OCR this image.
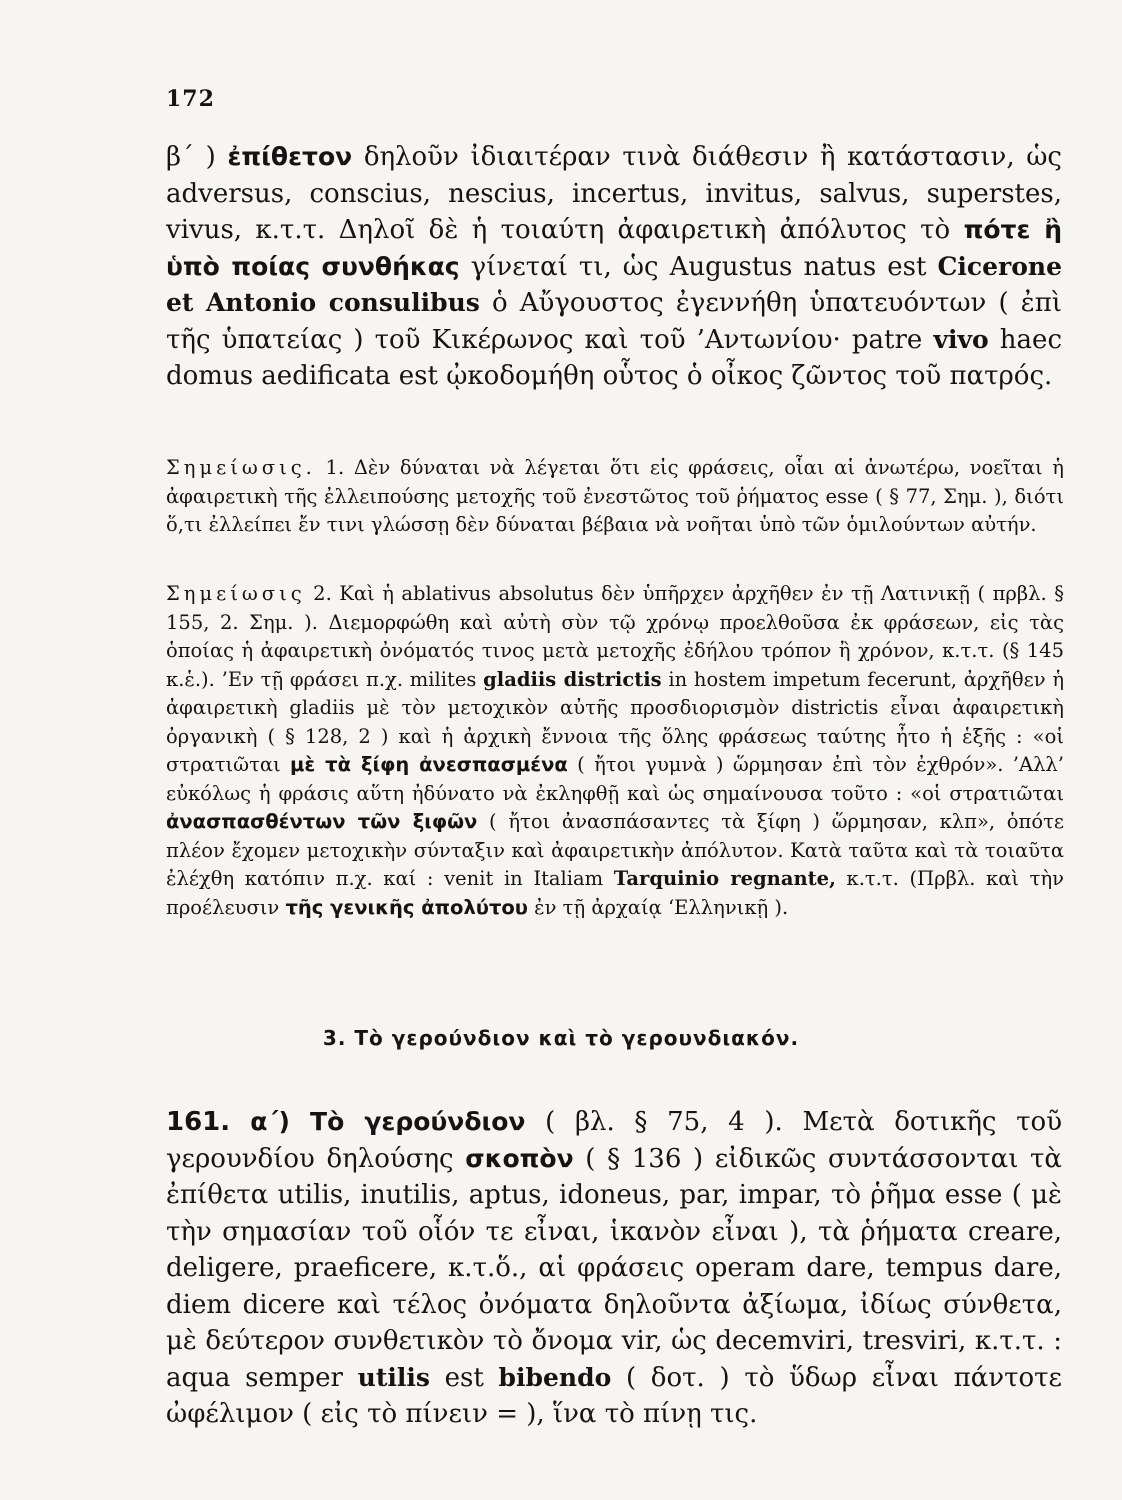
172
β΄ ) ἐπίθετον δηλοῦν ἰδιαιτέραν τινὰ διάθεσιν ἢ κατάστασιν, ὡς adversus, conscius, nescius, incertus, invitus, salvus, superstes, vivus, κ.τ.τ. Δηλοῖ δὲ ἡ τοιαύτη ἀφαιρετικὴ ἀπόλυτος τὸ πότε ἢ ὑπὸ ποίας συνθήκας γίνεταί τι, ὡς Augustus natus est Cicerone et Antonio consulibus ὁ Αὔγουστος ἐγεννήθη ὑπατευόντων ( ἐπὶ τῆς ὑπατείας ) τοῦ Κικέρωνος καὶ τοῦ ’Αντωνίου· patre vivo haec domus aedificata est ᾠκοδομήθη οὗτος ὁ οἶκος ζῶντος τοῦ πατρός.
Σημείωσις. 1. Δὲν δύναται νὰ λέγεται ὅτι εἰς φράσεις, οἷαι αἱ ἀνωτέρω, νοεῖται ἡ ἀφαιρετικὴ τῆς ἐλλειπούσης μετοχῆς τοῦ ἐνεστῶτος τοῦ ῥήματος esse ( § 77, Σημ. ), διότι ὅ,τι ἐλλείπει ἔν τινι γλώσσῃ δὲν δύναται βέβαια νὰ νοῆται ὑπὸ τῶν ὁμιλούντων αὐτήν.
Σημείωσις 2. Καὶ ἡ ablativus absolutus δὲν ὑπῆρχεν ἀρχῆθεν ἐν τῇ Λατινικῇ ( πρβλ. § 155, 2. Σημ. ). Διεμορφώθη καὶ αὐτὴ σὺν τῷ χρόνῳ προελθοῦσα ἐκ φράσεων, εἰς τὰς ὁποίας ἡ ἀφαιρετικὴ ὀνόματός τινος μετὰ μετοχῆς ἐδήλου τρόπον ἢ χρόνον, κ.τ.τ. (§ 145 κ.ἑ.). ’Εν τῇ φράσει π.χ. milites gladiis districtis in hostem impetum fecerunt, ἀρχῆθεν ἡ ἀφαιρετικὴ gladiis μὲ τὸν μετοχικὸν αὐτῆς προσδιορισμὸν districtis εἶναι ἀφαιρετικὴ ὀργανικὴ ( § 128, 2 ) καὶ ἡ ἀρχικὴ ἔννοια τῆς ὅλης φράσεως ταύτης ἦτο ἡ ἑξῆς : «οἱ στρατιῶται μὲ τὰ ξίφη ἀνεσπασμένα ( ἤτοι γυμνὰ ) ὥρμησαν ἐπὶ τὸν ἐχθρόν». ’Αλλ’ εὐκόλως ἡ φράσις αὕτη ἠδύνατο νὰ ἐκληφθῇ καὶ ὡς σημαίνουσα τοῦτο : «οἱ στρατιῶται ἀνασπασθέντων τῶν ξιφῶν ( ἤτοι ἀνασπάσαντες τὰ ξίφη ) ὥρμησαν, κλπ», ὁπότε πλέον ἔχομεν μετοχικὴν σύνταξιν καὶ ἀφαιρετικὴν ἀπόλυτον. Κατὰ ταῦτα καὶ τὰ τοιαῦτα ἐλέχθη κατόπιν π.χ. καί : venit in Italiam Tarquinio regnante, κ.τ.τ. (Πρβλ. καὶ τὴν προέλευσιν τῆς γενικῆς ἀπολύτου ἐν τῇ ἀρχαίᾳ ‘Ελληνικῇ ).
3. Τὸ γερούνδιον καὶ τὸ γερουνδιακόν.
161. α΄) Τὸ γερούνδιον ( βλ. § 75, 4 ). Μετὰ δοτικῆς τοῦ γερουνδίου δηλούσης σκοπὸν ( § 136 ) εἰδικῶς συντάσσονται τὰ ἐπίθετα utilis, inutilis, aptus, idoneus, par, impar, τὸ ῥῆμα esse ( μὲ τὴν σημασίαν τοῦ οἷόν τε εἶναι, ἱκανὸν εἶναι ), τὰ ῥήματα creare, deligere, praeficere, κ.τ.ὅ., αἱ φράσεις operam dare, tempus dare, diem dicere καὶ τέλος ὀνόματα δηλοῦντα ἀξίωμα, ἰδίως σύνθετα, μὲ δεύτερον συνθετικὸν τὸ ὄνομα vir, ὡς decemviri, tresviri, κ.τ.τ. : aqua semper utilis est bibendo ( δοτ. ) τὸ ὕδωρ εἶναι πάντοτε ὠφέλιμον ( εἰς τὸ πίνειν = ), ἵνα τὸ πίνῃ τις.
